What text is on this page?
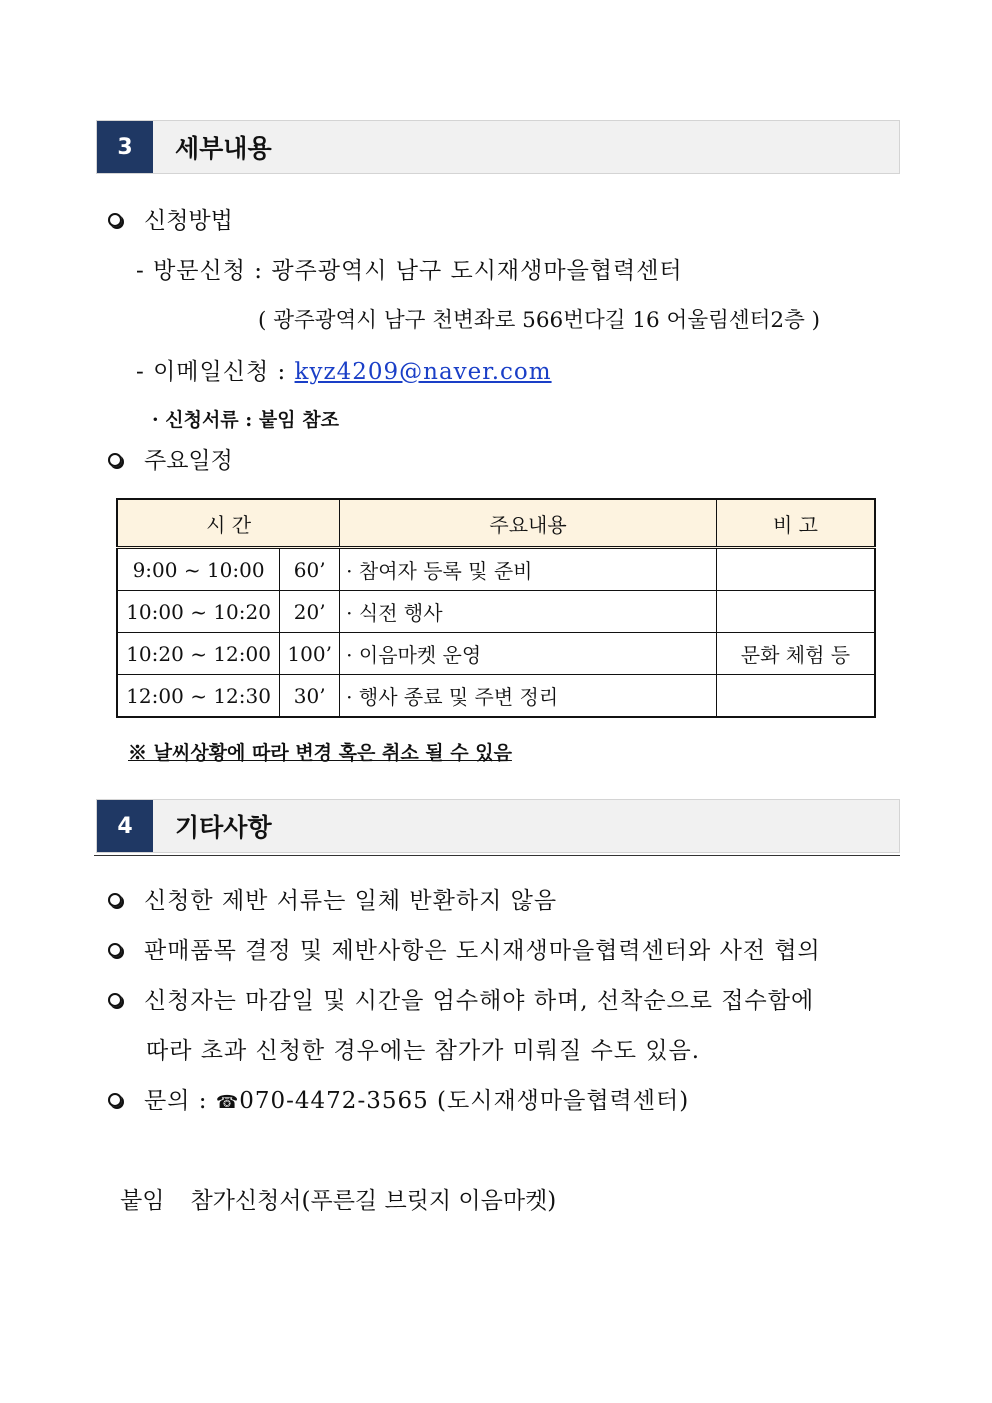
3	세부내용
신청방법
- 방문신청 : 광주광역시 남구 도시재생마을협력센터
( 광주광역시 남구 천변좌로 566번다길 16 어울림센터2층 )
- 이메일신청 : kyz4209@naver.com
· 신청서류 : 붙임 참조
주요일정
시 간		주요내용	비 고
9:00 ~ 10:00	60’	· 참여자 등록 및 준비	
10:00 ~ 10:20	20’	· 식전 행사	
10:20 ~ 12:00	100’	· 이음마켓 운영	문화 체험 등
12:00 ~ 12:30	30’	· 행사 종료 및 주변 정리	
※ 날씨상황에 따라 변경 혹은 취소 될 수 있음
4	기타사항
신청한 제반 서류는 일체 반환하지 않음
판매품목 결정 및 제반사항은 도시재생마을협력센터와 사전 협의
신청자는 마감일 및 시간을 엄수해야 하며, 선착순으로 접수함에
따라 초과 신청한 경우에는 참가가 미뤄질 수도 있음.
문의 : ☎070-4472-3565 (도시재생마을협력센터)
붙임 참가신청서(푸른길 브릿지 이음마켓)
